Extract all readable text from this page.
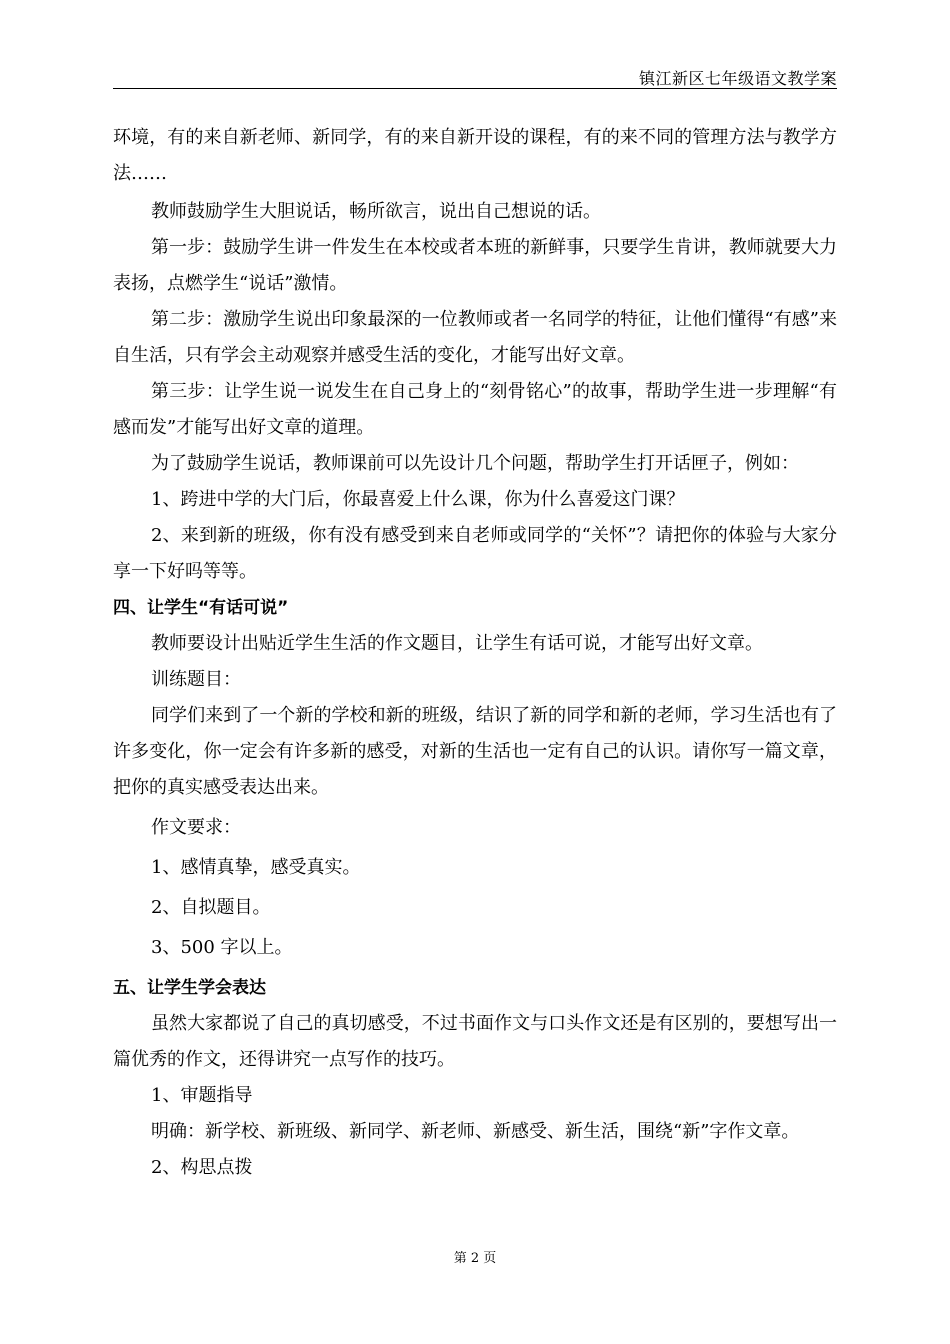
镇江新区七年级语文教学案

环境，有的来自新老师、新同学，有的来自新开设的课程，有的来不同的管理方法与教学方法……

教师鼓励学生大胆说话，畅所欲言，说出自己想说的话。

第一步：鼓励学生讲一件发生在本校或者本班的新鲜事，只要学生肯讲，教师就要大力表扬，点燃学生“说话”激情。

第二步：激励学生说出印象最深的一位教师或者一名同学的特征，让他们懂得“有感”来自生活，只有学会主动观察并感受生活的变化，才能写出好文章。

第三步：让学生说一说发生在自己身上的“刻骨铭心”的故事，帮助学生进一步理解“有感而发”才能写出好文章的道理。

为了鼓励学生说话，教师课前可以先设计几个问题，帮助学生打开话匣子，例如：

1、跨进中学的大门后，你最喜爱上什么课，你为什么喜爱这门课？

2、来到新的班级，你有没有感受到来自老师或同学的“关怀”？请把你的体验与大家分享一下好吗等等。

四、让学生“有话可说”

教师要设计出贴近学生生活的作文题目，让学生有话可说，才能写出好文章。

训练题目：

同学们来到了一个新的学校和新的班级，结识了新的同学和新的老师，学习生活也有了许多变化，你一定会有许多新的感受，对新的生活也一定有自己的认识。请你写一篇文章，把你的真实感受表达出来。

作文要求：

1、感情真挚，感受真实。

2、自拟题目。

3、500 字以上。

五、让学生学会表达

虽然大家都说了自己的真切感受，不过书面作文与口头作文还是有区别的，要想写出一篇优秀的作文，还得讲究一点写作的技巧。

1、审题指导

明确：新学校、新班级、新同学、新老师、新感受、新生活，围绕“新”字作文章。

2、构思点拨

第 2 页
